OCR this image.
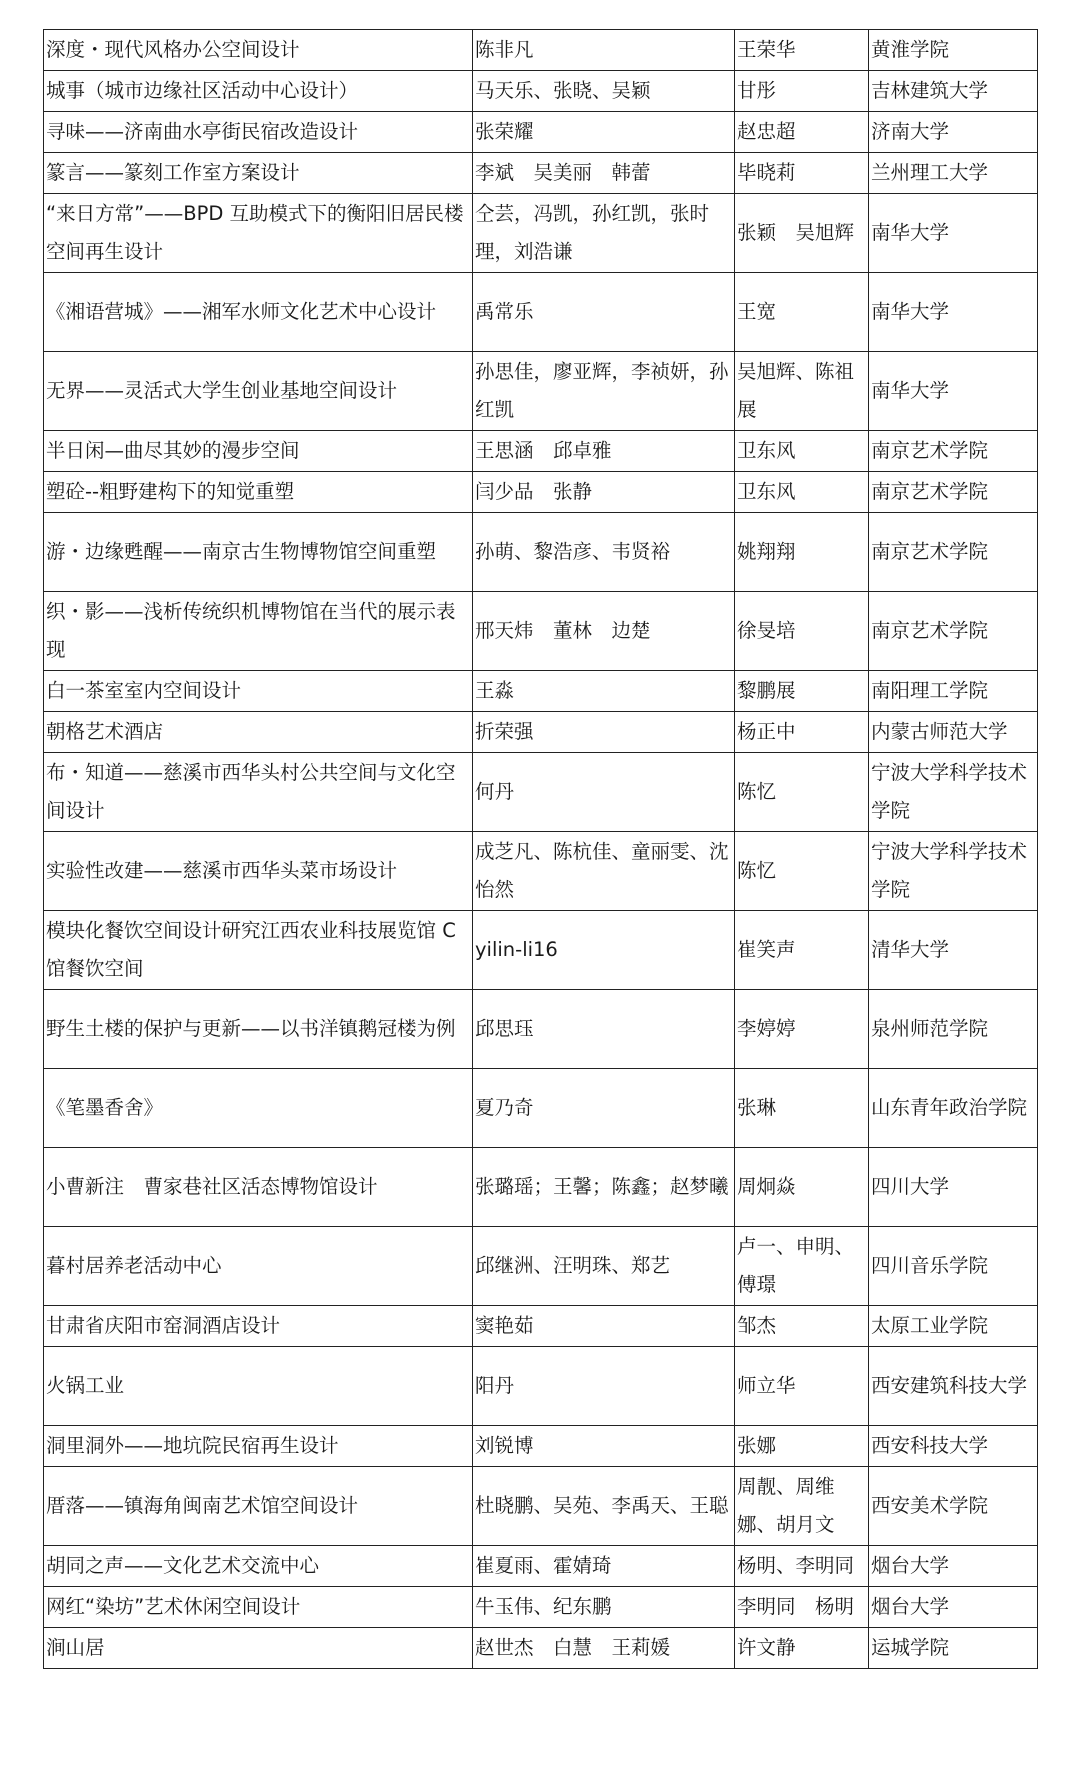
深度・现代风格办公空间设计	陈非凡	王荣华	黄淮学院
城事（城市边缘社区活动中心设计）	马天乐、张晓、吴颖	甘彤	吉林建筑大学
寻味——济南曲水亭街民宿改造设计	张荣耀	赵忠超	济南大学
篆言——篆刻工作室方案设计	李斌　吴美丽　韩蕾	毕晓莉	兰州理工大学
“来日方常”——BPD 互助模式下的衡阳旧居民楼空间再生设计	仝芸，冯凯，孙红凯，张时理，刘浩谦	张颖　吴旭辉	南华大学
《湘语营城》——湘军水师文化艺术中心设计	禹常乐	王宽	南华大学
无界——灵活式大学生创业基地空间设计	孙思佳，廖亚辉，李祯妍，孙红凯	吴旭辉、陈祖展	南华大学
半日闲—曲尽其妙的漫步空间	王思涵　邱卓雅	卫东风	南京艺术学院
塑砼--粗野建构下的知觉重塑	闫少品　张静	卫东风	南京艺术学院
游・边缘甦醒——南京古生物博物馆空间重塑	孙萌、黎浩彦、韦贤裕	姚翔翔	南京艺术学院
织・影——浅析传统织机博物馆在当代的展示表现	邢天炜　董林　边楚	徐旻培	南京艺术学院
白一茶室室内空间设计	王淼	黎鹏展	南阳理工学院
朝格艺术酒店	折荣强	杨正中	内蒙古师范大学
布・知道——慈溪市西华头村公共空间与文化空间设计	何丹	陈忆	宁波大学科学技术学院
实验性改建——慈溪市西华头菜市场设计	成芝凡、陈杭佳、童丽雯、沈怡然	陈忆	宁波大学科学技术学院
模块化餐饮空间设计研究江西农业科技展览馆 C 馆餐饮空间	yilin-li16	崔笑声	清华大学
野生土楼的保护与更新——以书洋镇鹅冠楼为例	邱思珏	李婷婷	泉州师范学院
《笔墨香舍》	夏乃奇	张琳	山东青年政治学院
小曹新注　曹家巷社区活态博物馆设计	张璐瑶；王馨；陈鑫；赵梦曦	周炯焱	四川大学
暮村居养老活动中心	邱继洲、汪明珠、郑艺	卢一、申明、傅璟	四川音乐学院
甘肃省庆阳市窑洞酒店设计	窦艳茹	邹杰	太原工业学院
火锅工业	阳丹	师立华	西安建筑科技大学
洞里洞外——地坑院民宿再生设计	刘锐博	张娜	西安科技大学
厝落——镇海角闽南艺术馆空间设计	杜晓鹏、吴苑、李禹天、王聪	周靓、周维娜、胡月文	西安美术学院
胡同之声——文化艺术交流中心	崔夏雨、霍婧琦	杨明、李明同	烟台大学
网红“染坊”艺术休闲空间设计	牛玉伟、纪东鹏	李明同　杨明	烟台大学
涧山居	赵世杰　白慧　王莉媛	许文静	运城学院
